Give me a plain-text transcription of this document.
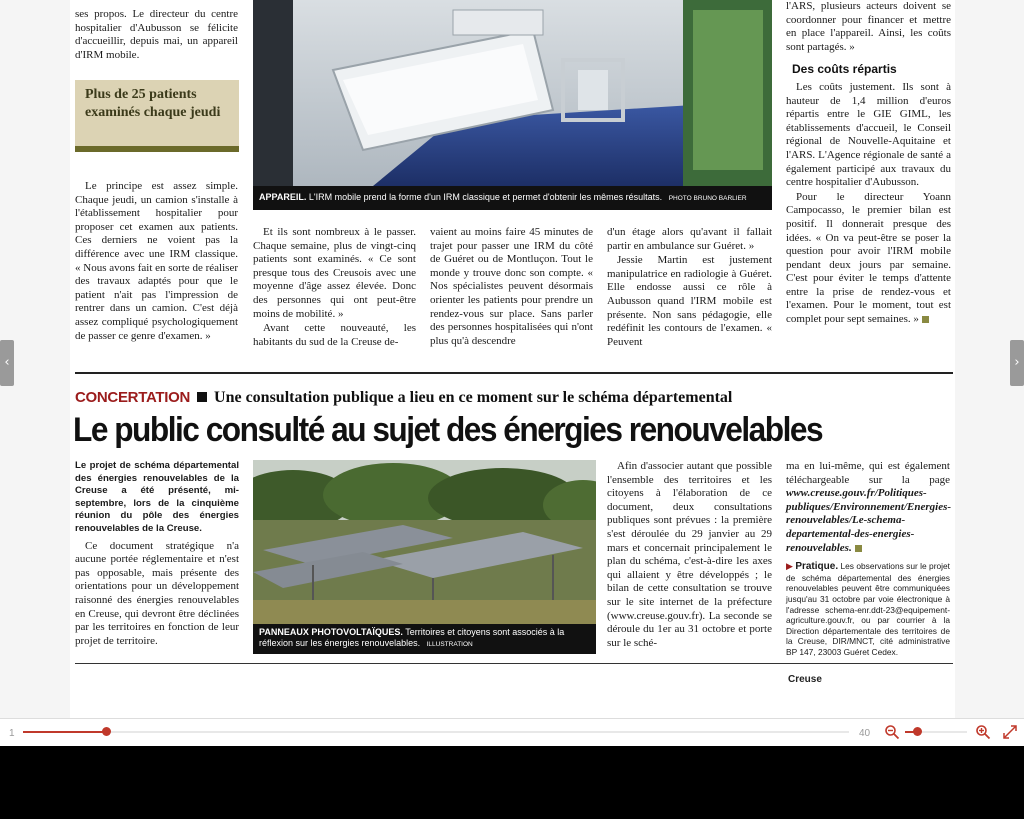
ses propos. Le directeur du centre hospitalier d'Aubusson se félicite d'accueillir, depuis mai, un appareil d'IRM mobile.

Plus de 25 patients examinés chaque jeudi

Le principe est assez simple. Chaque jeudi, un camion s'installe à l'établissement hospitalier pour proposer cet examen aux patients. Ces derniers ne voient pas la différence avec une IRM classique. « Nous avons fait en sorte de réaliser des travaux adaptés pour que le patient n'ait pas l'impression de rentrer dans un camion. C'est déjà assez compliqué psychologiquement de passer ce genre d'examen. »

APPAREIL. L'IRM mobile prend la forme d'un IRM classique et permet d'obtenir les mêmes résultats. PHOTO BRUNO BARLIER

Et ils sont nombreux à le passer. Chaque semaine, plus de vingt-cinq patients sont examinés. « Ce sont presque tous des Creusois avec une moyenne d'âge assez élevée. Donc des personnes qui ont peut-être moins de mobilité. »

Avant cette nouveauté, les habitants du sud de la Creuse de-

vaient au moins faire 45 minutes de trajet pour passer une IRM du côté de Guéret ou de Montluçon. Tout le monde y trouve donc son compte. « Nos spécialistes peuvent désormais orienter les patients pour prendre un rendez-vous sur place. Sans parler des personnes hospitalisées qui n'ont plus qu'à descendre

d'un étage alors qu'avant il fallait partir en ambulance sur Guéret. »

Jessie Martin est justement manipulatrice en radiologie à Guéret. Elle endosse aussi ce rôle à Aubusson quand l'IRM mobile est présente. Non sans pédagogie, elle redéfinit les contours de l'examen. « Peuvent

l'ARS, plusieurs acteurs doivent se coordonner pour financer et mettre en place l'appareil. Ainsi, les coûts sont partagés. »

Des coûts répartis

Les coûts justement. Ils sont à hauteur de 1,4 million d'euros répartis entre le GIE GIML, les établissements d'accueil, le Conseil régional de Nouvelle-Aquitaine et l'ARS. L'Agence régionale de santé a également participé aux travaux du centre hospitalier d'Aubusson.

Pour le directeur Yoann Campocasso, le premier bilan est positif. Il donnerait presque des idées. « On va peut-être se poser la question pour avoir l'IRM mobile pendant deux jours par semaine. C'est pour éviter le temps d'attente entre la prise de rendez-vous et l'examen. Pour le moment, tout est complet pour sept semaines. »

CONCERTATION Une consultation publique a lieu en ce moment sur le schéma départemental
Le public consulté au sujet des énergies renouvelables

Le projet de schéma départemental des énergies renouvelables de la Creuse a été présenté, mi-septembre, lors de la cinquième réunion du pôle des énergies renouvelables de la Creuse.

Ce document stratégique n'a aucune portée réglementaire et n'est pas opposable, mais présente des orientations pour un développement raisonné des énergies renouvelables en Creuse, qui devront être déclinées par les territoires en fonction de leur projet de territoire.

PANNEAUX PHOTOVOLTAÏQUES. Territoires et citoyens sont associés à la réflexion sur les énergies renouvelables. ILLUSTRATION

Afin d'associer autant que possible l'ensemble des territoires et les citoyens à l'élaboration de ce document, deux consultations publiques sont prévues : la première s'est déroulée du 29 janvier au 29 mars et concernait principalement le plan du schéma, c'est-à-dire les axes qui allaient y être développés ; le bilan de cette consultation se trouve sur le site internet de la préfecture (www.creuse.gouv.fr). La seconde se déroule du 1er au 31 octobre et porte sur le sché-

ma en lui-même, qui est également téléchargeable sur la page www.creuse.gouv.fr/Politiques-publiques/Environnement/Energies-renouvelables/Le-schema-departemental-des-energies-renouvelables.

▶ Pratique. Les observations sur le projet de schéma départemental des énergies renouvelables peuvent être communiquées jusqu'au 31 octobre par voie électronique à l'adresse schema-enr.ddt-23@equipement-agriculture.gouv.fr, ou par courrier à la Direction départementale des territoires de la Creuse, DIR/MNCT, cité administrative BP 147, 23003 Guéret Cedex.
Creuse
‹	›
1	40
